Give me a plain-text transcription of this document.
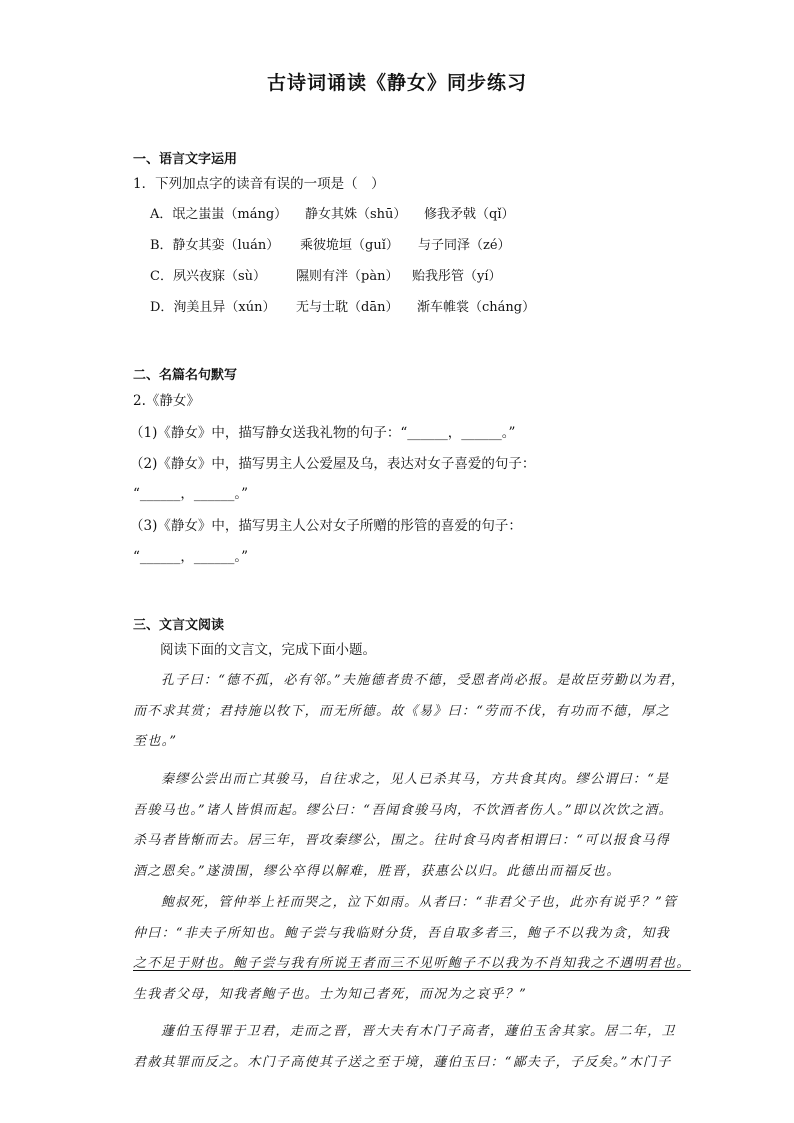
古诗词诵读《静女》同步练习
一、语言文字运用
1．下列加点字的读音有误的一项是（　）
A．氓之蚩蚩（máng） 静女其姝（shū） 修我矛戟（qǐ）
B．静女其娈（luán） 乘彼垝垣（guǐ） 与子同泽（zé）
C．夙兴夜寐（sù） 隰则有泮（pàn） 贻我彤管（yí）
D．洵美且异（xún） 无与士耽（dān） 渐车帷裳（cháng）
二、名篇名句默写
2.《静女》
（1)《静女》中，描写静女送我礼物的句子：“______，______。”
（2)《静女》中，描写男主人公爱屋及乌，表达对女子喜爱的句子：
“______，______。”
（3)《静女》中，描写男主人公对女子所赠的彤管的喜爱的句子：
“______，______。”
三、文言文阅读
阅读下面的文言文，完成下面小题。
孔子曰：“德不孤，必有邻。”夫施德者贵不德，受恩者尚必报。是故臣劳勤以为君，
而不求其赏；君持施以牧下，而无所德。故《易》曰：“劳而不伐，有功而不德，厚之
至也。”
秦缪公尝出而亡其骏马，自往求之，见人已杀其马，方共食其肉。缪公谓曰：“是
吾骏马也。”诸人皆惧而起。缪公曰：“吾闻食骏马肉，不饮酒者伤人。”即以次饮之酒。
杀马者皆惭而去。居三年，晋攻秦缪公，围之。往时食马肉者相谓曰：“可以报食马得
酒之恩矣。”遂溃围，缪公卒得以解难，胜晋，获惠公以归。此德出而福反也。
鲍叔死，管仲举上衽而哭之，泣下如雨。从者曰：“非君父子也，此亦有说乎？”管
仲曰：“非夫子所知也。鲍子尝与我临财分货，吾自取多者三，鲍子不以我为贪，知我
之不足于财也。鲍子尝与我有所说王者而三不见听鲍子不以我为不肖知我之不遇明君也。
生我者父母，知我者鲍子也。士为知己者死，而况为之哀乎？”
蘧伯玉得罪于卫君，走而之晋，晋大夫有木门子高者，蘧伯玉舍其家。居二年，卫
君赦其罪而反之。木门子高使其子送之至于境，蘧伯玉曰：“鄙夫子，子反矣。”木门子
